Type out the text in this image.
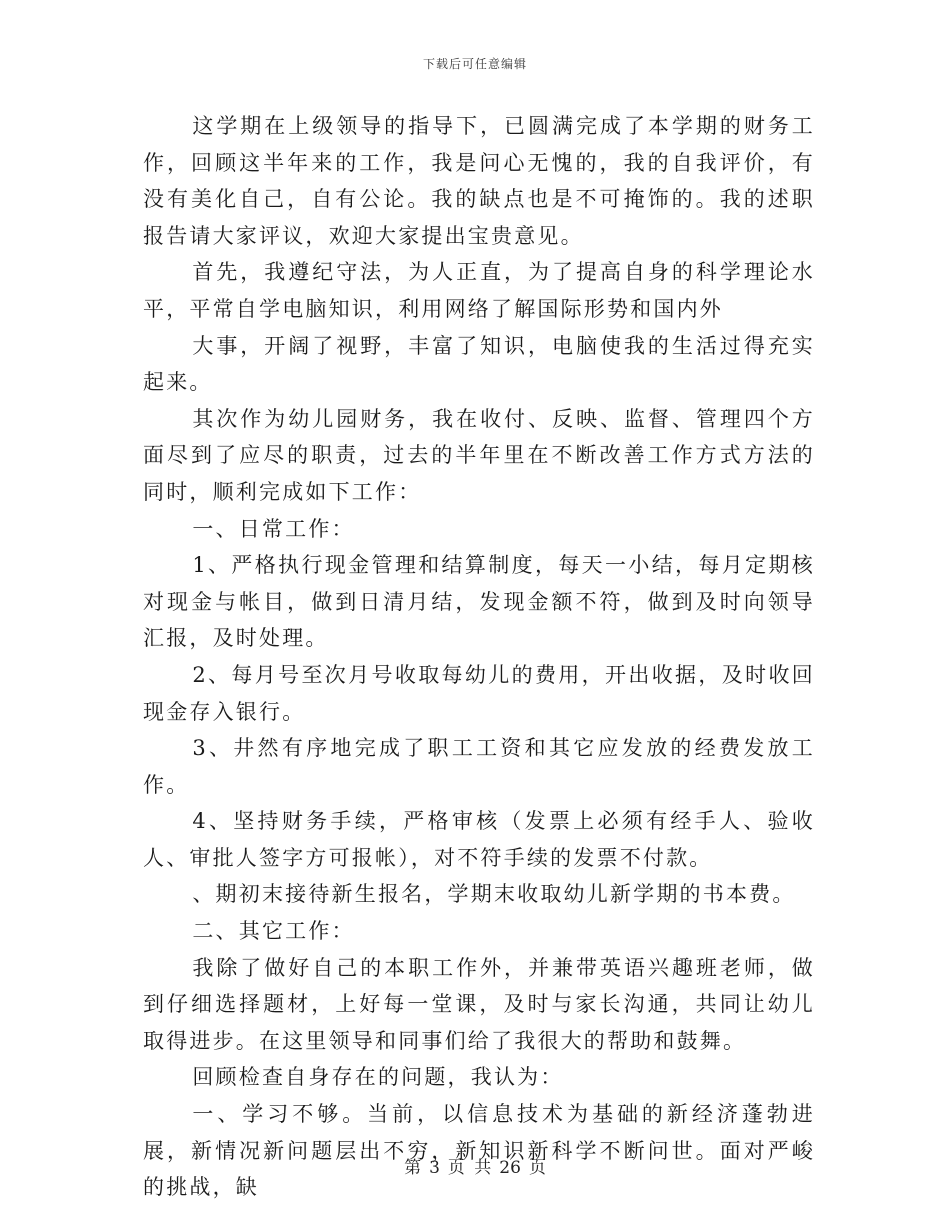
下载后可任意编辑

这学期在上级领导的指导下，已圆满完成了本学期的财务工作，回顾这半年来的工作，我是问心无愧的，我的自我评价，有没有美化自己，自有公论。我的缺点也是不可掩饰的。我的述职报告请大家评议，欢迎大家提出宝贵意见。

首先，我遵纪守法，为人正直，为了提高自身的科学理论水平，平常自学电脑知识，利用网络了解国际形势和国内外

大事，开阔了视野，丰富了知识，电脑使我的生活过得充实起来。

其次作为幼儿园财务，我在收付、反映、监督、管理四个方面尽到了应尽的职责，过去的半年里在不断改善工作方式方法的同时，顺利完成如下工作：

一、日常工作：

1、严格执行现金管理和结算制度，每天一小结，每月定期核对现金与帐目，做到日清月结，发现金额不符，做到及时向领导汇报，及时处理。

2、每月号至次月号收取每幼儿的费用，开出收据，及时收回现金存入银行。

3、井然有序地完成了职工工资和其它应发放的经费发放工作。

4、坚持财务手续，严格审核（发票上必须有经手人、验收人、审批人签字方可报帐），对不符手续的发票不付款。

、期初末接待新生报名，学期末收取幼儿新学期的书本费。

二、其它工作：

我除了做好自己的本职工作外，并兼带英语兴趣班老师，做到仔细选择题材，上好每一堂课，及时与家长沟通，共同让幼儿取得进步。在这里领导和同事们给了我很大的帮助和鼓舞。

回顾检查自身存在的问题，我认为：

一、学习不够。当前，以信息技术为基础的新经济蓬勃进展，新情况新问题层出不穷，新知识新科学不断问世。面对严峻的挑战，缺

第 3 页 共 26 页
